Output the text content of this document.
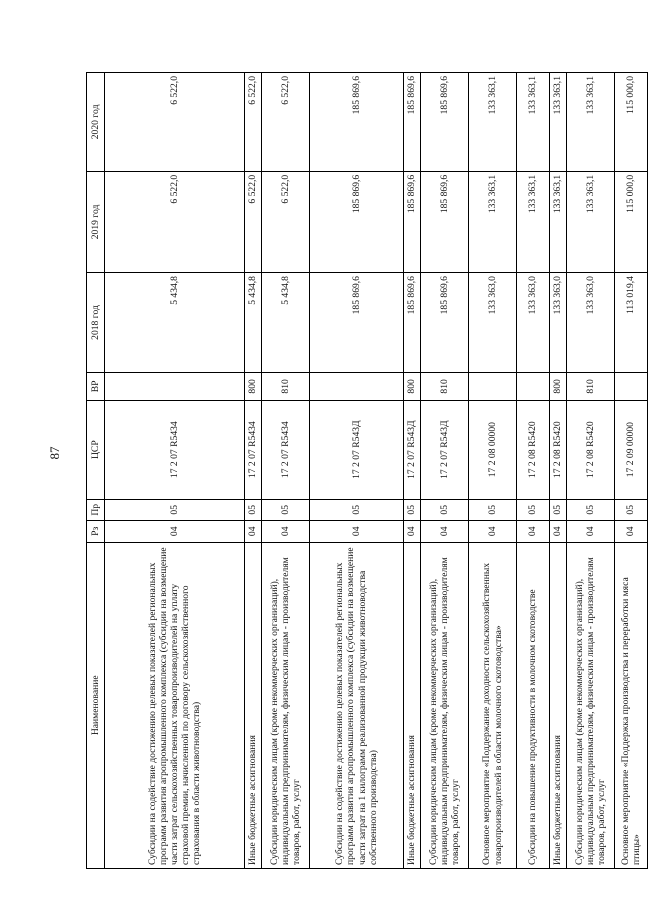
87
Наименование	Рз	Пр	ЦСР	ВР	2018 год	2019 год	2020 год
Субсидии на содействие достижению целевых показателей региональных программ развития агропромышленного комплекса (субсидии на возмещение части затрат сельскохозяйственных товаропроизводителей на уплату страховой премии, начисленной по договору сельскохозяйственного страхования в области животноводства)	04	05	17 2 07 R5434		5 434,8	6 522,0	6 522,0
Иные бюджетные ассигнования	04	05	17 2 07 R5434	800	5 434,8	6 522,0	6 522,0
Субсидии юридическим лицам (кроме некоммерческих организаций), индивидуальным предпринимателям, физическим лицам - производителям товаров, работ, услуг	04	05	17 2 07 R5434	810	5 434,8	6 522,0	6 522,0
Субсидии на содействие достижению целевых показателей региональных программ развития агропромышленного комплекса (субсидии на возмещение части затрат на 1 килограмм реализованной продукции животноводства собственного производства)	04	05	17 2 07 R543Д		185 869,6	185 869,6	185 869,6
Иные бюджетные ассигнования	04	05	17 2 07 R543Д	800	185 869,6	185 869,6	185 869,6
Субсидии юридическим лицам (кроме некоммерческих организаций), индивидуальным предпринимателям, физическим лицам - производителям товаров, работ, услуг	04	05	17 2 07 R543Д	810	185 869,6	185 869,6	185 869,6
Основное мероприятие «Поддержание доходности сельскохозяйственных товаропроизводителей в области молочного скотоводства»	04	05	17 2 08 00000		133 363,0	133 363,1	133 363,1
Субсидии на повышение продуктивности в молочном скотоводстве	04	05	17 2 08 R5420		133 363,0	133 363,1	133 363,1
Иные бюджетные ассигнования	04	05	17 2 08 R5420	800	133 363,0	133 363,1	133 363,1
Субсидии юридическим лицам (кроме некоммерческих организаций), индивидуальным предпринимателям, физическим лицам - производителям товаров, работ, услуг	04	05	17 2 08 R5420	810	133 363,0	133 363,1	133 363,1
Основное мероприятие «Поддержка производства и переработки мяса птицы»	04	05	17 2 09 00000		113 019,4	115 000,0	115 000,0
